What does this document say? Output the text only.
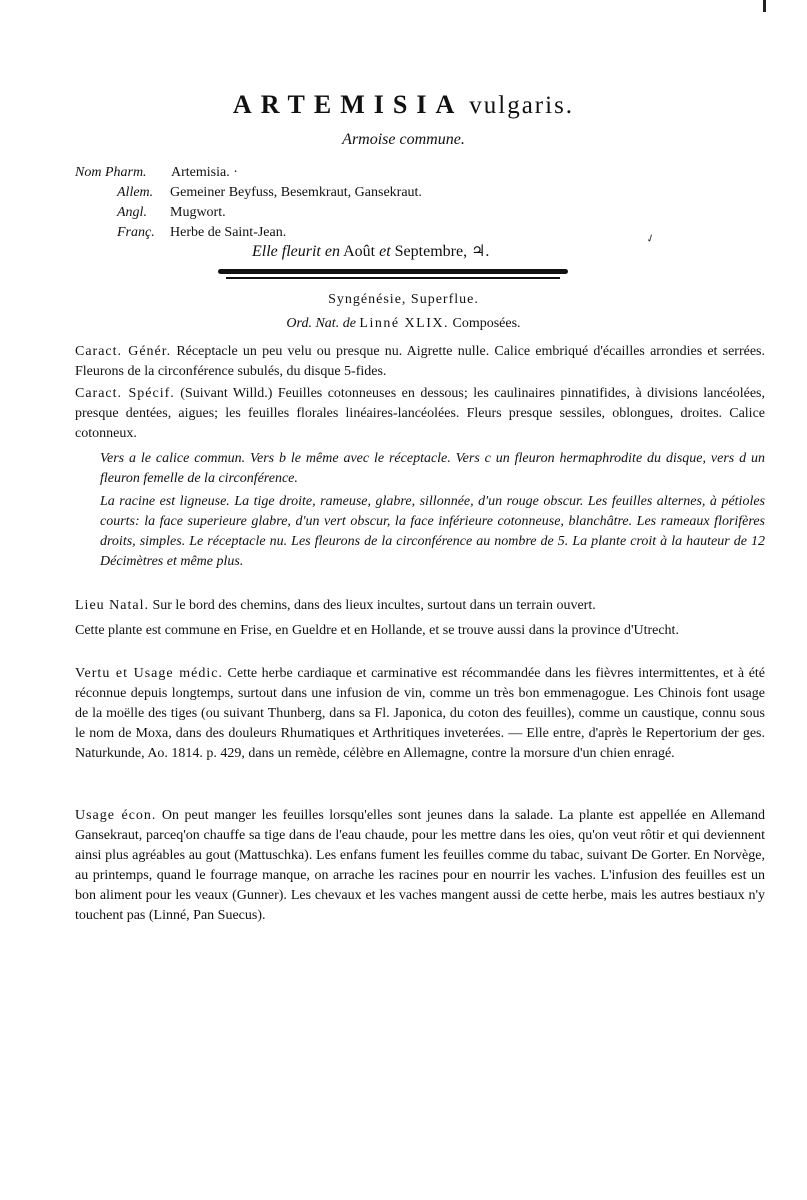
✓
ARTEMISIA vulgaris.
Armoise commune.
Nom Pharm. Artemisia. ·
Allem. Gemeiner Beyfuss, Besemkraut, Gansekraut.
Angl. Mugwort.
Franç. Herbe de Saint-Jean.
Elle fleurit en Août et Septembre, ♃.
Syngénésie, Superflue.
Ord. Nat. de Linné XLIX. Composées.
Caract. Génér. Réceptacle un peu velu ou presque nu. Aigrette nulle. Calice embriqué d'écailles arrondies et serrées. Fleurons de la circonférence subulés, du disque 5-fides.
Caract. Spécif. (Suivant Willd.) Feuilles cotonneuses en dessous; les caulinaires pinnatifides, à divisions lancéolées, presque dentées, aigues; les feuilles florales linéaires-lancéolées. Fleurs presque sessiles, oblongues, droites. Calice cotonneux.
Vers a le calice commun. Vers b le même avec le réceptacle. Vers c un fleuron hermaphrodite du disque, vers d un fleuron femelle de la circonférence.
La racine est ligneuse. La tige droite, rameuse, glabre, sillonnée, d'un rouge obscur. Les feuilles alternes, à pétioles courts: la face superieure glabre, d'un vert obscur, la face inférieure cotonneuse, blanchâtre. Les rameaux florifères droits, simples. Le réceptacle nu. Les fleurons de la circonférence au nombre de 5. La plante croit à la hauteur de 12 Décimètres et même plus.
Lieu Natal. Sur le bord des chemins, dans des lieux incultes, surtout dans un terrain ouvert.
Cette plante est commune en Frise, en Gueldre et en Hollande, et se trouve aussi dans la province d'Utrecht.
Vertu et Usage médic. Cette herbe cardiaque et carminative est récommandée dans les fièvres intermittentes, et à été réconnue depuis longtemps, surtout dans une infusion de vin, comme un très bon emmenagogue. Les Chinois font usage de la moëlle des tiges (ou suivant Thunberg, dans sa Fl. Japonica, du coton des feuilles), comme un caustique, connu sous le nom de Moxa, dans des douleurs Rhumatiques et Arthritiques inveterées. — Elle entre, d'après le Repertorium der ges. Naturkunde, Ao. 1814. p. 429, dans un remède, célèbre en Allemagne, contre la morsure d'un chien enragé.
Usage écon. On peut manger les feuilles lorsqu'elles sont jeunes dans la salade. La plante est appellée en Allemand Gansekraut, parceq'on chauffe sa tige dans de l'eau chaude, pour les mettre dans les oies, qu'on veut rôtir et qui deviennent ainsi plus agréables au gout (Mattuschka). Les enfans fument les feuilles comme du tabac, suivant De Gorter. En Norvège, au printemps, quand le fourrage manque, on arrache les racines pour en nourrir les vaches. L'infusion des feuilles est un bon aliment pour les veaux (Gunner). Les chevaux et les vaches mangent aussi de cette herbe, mais les autres bestiaux n'y touchent pas (Linné, Pan Suecus).
